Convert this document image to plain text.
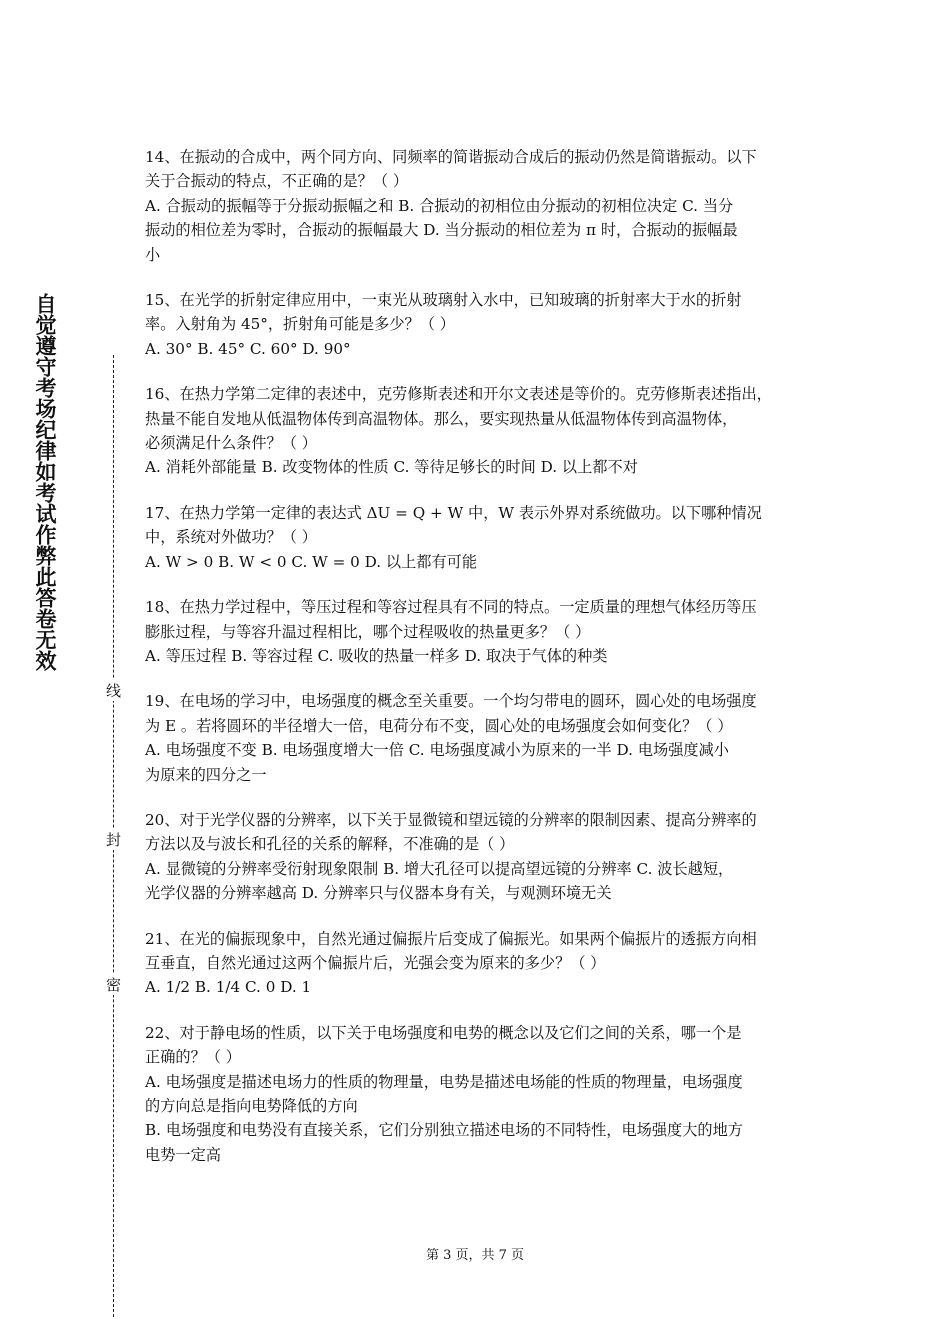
自觉遵守考场纪律如考试作弊此答卷无效
线
封
密
14、在振动的合成中，两个同方向、同频率的简谐振动合成后的振动仍然是简谐振动。以下
关于合振动的特点，不正确的是？（ ）
A. 合振动的振幅等于分振动振幅之和 B. 合振动的初相位由分振动的初相位决定 C. 当分
振动的相位差为零时，合振动的振幅最大 D. 当分振动的相位差为 π 时，合振动的振幅最
小
15、在光学的折射定律应用中，一束光从玻璃射入水中，已知玻璃的折射率大于水的折射
率。入射角为 45°，折射角可能是多少？（ ）
A. 30° B. 45° C. 60° D. 90°
16、在热力学第二定律的表述中，克劳修斯表述和开尔文表述是等价的。克劳修斯表述指出，
热量不能自发地从低温物体传到高温物体。那么，要实现热量从低温物体传到高温物体，
必须满足什么条件？（ ）
A. 消耗外部能量 B. 改变物体的性质 C. 等待足够长的时间 D. 以上都不对
17、在热力学第一定律的表达式 ΔU = Q + W 中，W 表示外界对系统做功。以下哪种情况
中，系统对外做功？（ ）
A. W > 0 B. W < 0 C. W = 0 D. 以上都有可能
18、在热力学过程中，等压过程和等容过程具有不同的特点。一定质量的理想气体经历等压
膨胀过程，与等容升温过程相比，哪个过程吸收的热量更多？（ ）
A. 等压过程 B. 等容过程 C. 吸收的热量一样多 D. 取决于气体的种类
19、在电场的学习中，电场强度的概念至关重要。一个均匀带电的圆环，圆心处的电场强度
为 E 。若将圆环的半径增大一倍，电荷分布不变，圆心处的电场强度会如何变化？（ ）
A. 电场强度不变 B. 电场强度增大一倍 C. 电场强度减小为原来的一半 D. 电场强度减小
为原来的四分之一
20、对于光学仪器的分辨率，以下关于显微镜和望远镜的分辨率的限制因素、提高分辨率的
方法以及与波长和孔径的关系的解释，不准确的是（ ）
A. 显微镜的分辨率受衍射现象限制 B. 增大孔径可以提高望远镜的分辨率 C. 波长越短，
光学仪器的分辨率越高 D. 分辨率只与仪器本身有关，与观测环境无关
21、在光的偏振现象中，自然光通过偏振片后变成了偏振光。如果两个偏振片的透振方向相
互垂直，自然光通过这两个偏振片后，光强会变为原来的多少？（ ）
A. 1/2 B. 1/4 C. 0 D. 1
22、对于静电场的性质，以下关于电场强度和电势的概念以及它们之间的关系，哪一个是
正确的？（ ）
A. 电场强度是描述电场力的性质的物理量，电势是描述电场能的性质的物理量，电场强度
的方向总是指向电势降低的方向
B. 电场强度和电势没有直接关系，它们分别独立描述电场的不同特性，电场强度大的地方
电势一定高
第 3 页，共 7 页
